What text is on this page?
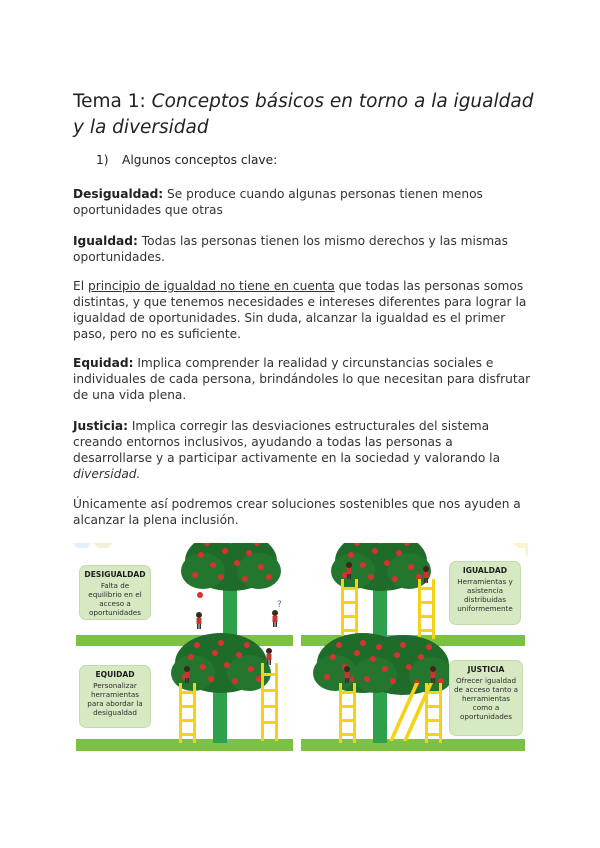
Tema 1: Conceptos básicos en torno a la igualdad y la diversidad
1) Algunos conceptos clave:
Desigualdad: Se produce cuando algunas personas tienen menos oportunidades que otras
Igualdad: Todas las personas tienen los mismo derechos y las mismas oportunidades.
El principio de igualdad no tiene en cuenta que todas las personas somos distintas, y que tenemos necesidades e intereses diferentes para lograr la igualdad de oportunidades. Sin duda, alcanzar la igualdad es el primer paso, pero no es suficiente.
Equidad: Implica comprender la realidad y circunstancias sociales e individuales de cada persona, brindándoles lo que necesitan para disfrutar de una vida plena.
Justicia: Implica corregir las desviaciones estructurales del sistema creando entornos inclusivos, ayudando a todas las personas a desarrollarse y a participar activamente en la sociedad y valorando la diversidad.
Únicamente así podremos crear soluciones sostenibles que nos ayuden a alcanzar la plena inclusión.
?
DESIGUALDAD
Falta de equilibrio en el acceso a oportunidades
IGUALDAD
Herramientas y asistencia distribuidas uniformemente
EQUIDAD
Personalizar herramientas para abordar la desigualdad
JUSTICIA
Ofrecer igualdad de acceso tanto a herramientas como a oportunidades
